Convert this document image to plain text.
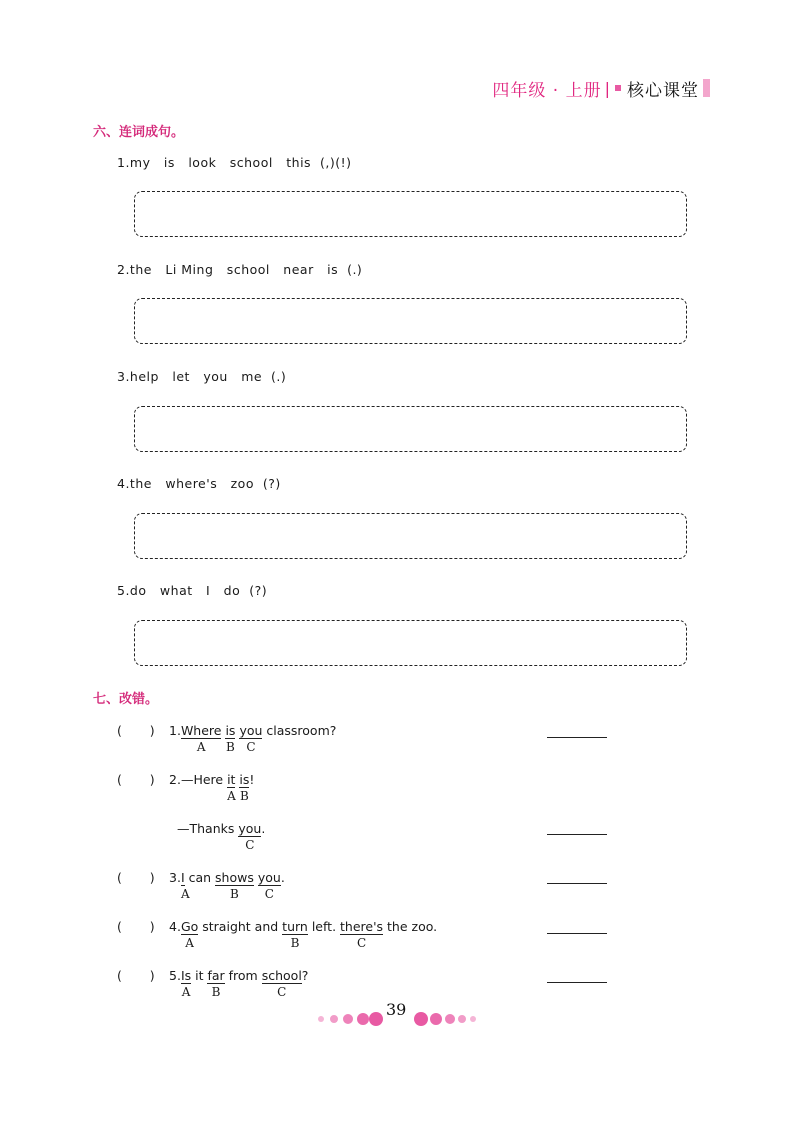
四年级 · 上册 | 核心课堂
六、连词成句。
1.my   is   look   school   this  (,)(!)
2.the   Li Ming   school   near   is  (.)
3.help   let   you   me  (.)
4.the   where's   zoo  (?)
5.do   what   I   do  (?)
七、改错。
(       ) 1.Where
A
is
B
you
C
classroom?
(       ) 2.—Here it
A
is
B
!
—Thanks you
C
.
(       ) 3.I
A
can shows
B
you
C
.
(       ) 4.Go
A
straight and turn
B
left. there's
C
the zoo.
(       ) 5.Is
A
it far
B
from school
C
?
39
